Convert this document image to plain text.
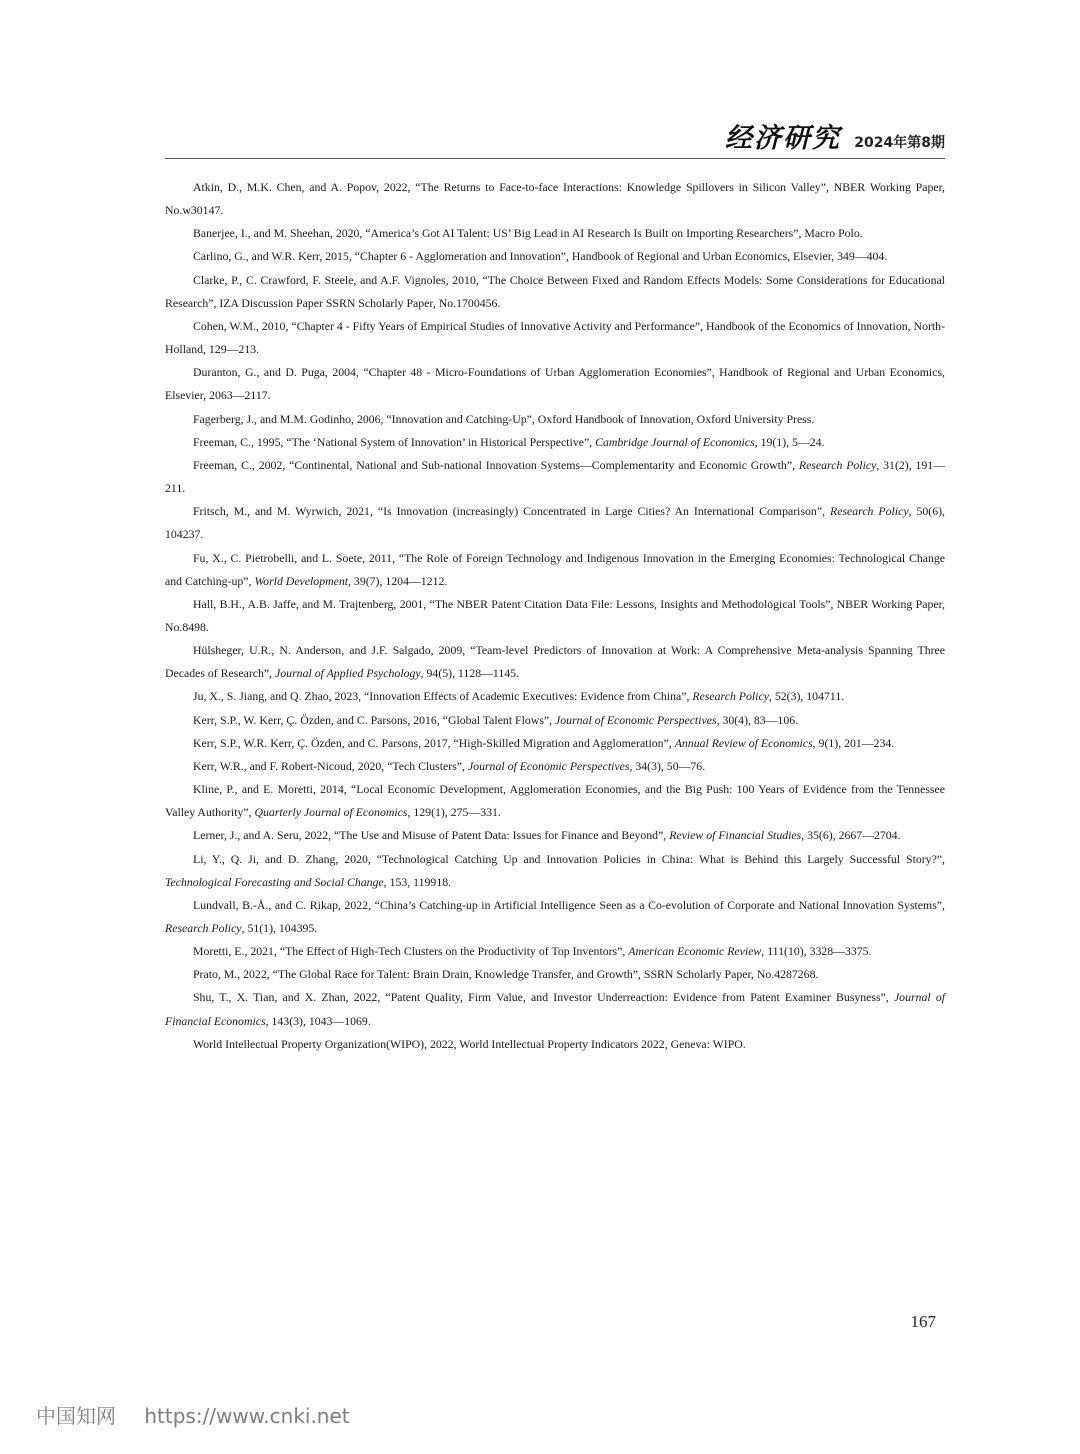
经济研究 2024年第8期

Atkin, D., M.K. Chen, and A. Popov, 2022, “The Returns to Face-to-face Interactions: Knowledge Spillovers in Silicon Valley”, NBER Working Paper, No.w30147.

Banerjee, I., and M. Sheehan, 2020, “America’s Got AI Talent: US’ Big Lead in AI Research Is Built on Importing Researchers”, Macro Polo.

Carlino, G., and W.R. Kerr, 2015, “Chapter 6 - Agglomeration and Innovation”, Handbook of Regional and Urban Economics, Elsevier, 349—404.

Clarke, P., C. Crawford, F. Steele, and A.F. Vignoles, 2010, “The Choice Between Fixed and Random Effects Models: Some Considerations for Educational Research”, IZA Discussion Paper SSRN Scholarly Paper, No.1700456.

Cohen, W.M., 2010, “Chapter 4 - Fifty Years of Empirical Studies of Innovative Activity and Performance”, Handbook of the Economics of Innovation, North-Holland, 129—213.

Duranton, G., and D. Puga, 2004, “Chapter 48 - Micro-Foundations of Urban Agglomeration Economies”, Handbook of Regional and Urban Economics, Elsevier, 2063—2117.

Fagerberg, J., and M.M. Godinho, 2006, “Innovation and Catching-Up”, Oxford Handbook of Innovation, Oxford University Press.

Freeman, C., 1995, “The ‘National System of Innovation’ in Historical Perspective”, Cambridge Journal of Economics, 19(1), 5—24.

Freeman, C., 2002, “Continental, National and Sub-national Innovation Systems—Complementarity and Economic Growth”, Research Policy, 31(2), 191—211.

Fritsch, M., and M. Wyrwich, 2021, “Is Innovation (increasingly) Concentrated in Large Cities? An International Comparison”, Research Policy, 50(6), 104237.

Fu, X., C. Pietrobelli, and L. Soete, 2011, “The Role of Foreign Technology and Indigenous Innovation in the Emerging Economies: Technological Change and Catching-up”, World Development, 39(7), 1204—1212.

Hall, B.H., A.B. Jaffe, and M. Trajtenberg, 2001, “The NBER Patent Citation Data File: Lessons, Insights and Methodological Tools”, NBER Working Paper, No.8498.

Hülsheger, U.R., N. Anderson, and J.F. Salgado, 2009, “Team-level Predictors of Innovation at Work: A Comprehensive Meta-analysis Spanning Three Decades of Research”, Journal of Applied Psychology, 94(5), 1128—1145.

Ju, X., S. Jiang, and Q. Zhao, 2023, “Innovation Effects of Academic Executives: Evidence from China”, Research Policy, 52(3), 104711.

Kerr, S.P., W. Kerr, Ç. Özden, and C. Parsons, 2016, “Global Talent Flows”, Journal of Economic Perspectives, 30(4), 83—106.

Kerr, S.P., W.R. Kerr, Ç. Özden, and C. Parsons, 2017, “High-Skilled Migration and Agglomeration”, Annual Review of Economics, 9(1), 201—234.

Kerr, W.R., and F. Robert-Nicoud, 2020, “Tech Clusters”, Journal of Economic Perspectives, 34(3), 50—76.

Kline, P., and E. Moretti, 2014, “Local Economic Development, Agglomeration Economies, and the Big Push: 100 Years of Evidence from the Tennessee Valley Authority”, Quarterly Journal of Economics, 129(1), 275—331.

Lerner, J., and A. Seru, 2022, “The Use and Misuse of Patent Data: Issues for Finance and Beyond”, Review of Financial Studies, 35(6), 2667—2704.

Li, Y., Q. Ji, and D. Zhang, 2020, “Technological Catching Up and Innovation Policies in China: What is Behind this Largely Successful Story?”, Technological Forecasting and Social Change, 153, 119918.

Lundvall, B.-Å., and C. Rikap, 2022, “China’s Catching-up in Artificial Intelligence Seen as a Co-evolution of Corporate and National Innovation Systems”, Research Policy, 51(1), 104395.

Moretti, E., 2021, “The Effect of High-Tech Clusters on the Productivity of Top Inventors”, American Economic Review, 111(10), 3328—3375.

Prato, M., 2022, “The Global Race for Talent: Brain Drain, Knowledge Transfer, and Growth”, SSRN Scholarly Paper, No.4287268.

Shu, T., X. Tian, and X. Zhan, 2022, “Patent Quality, Firm Value, and Investor Underreaction: Evidence from Patent Examiner Busyness”, Journal of Financial Economics, 143(3), 1043—1069.

World Intellectual Property Organization(WIPO), 2022, World Intellectual Property Indicators 2022, Geneva: WIPO.

167
中国知网 https://www.cnki.net
